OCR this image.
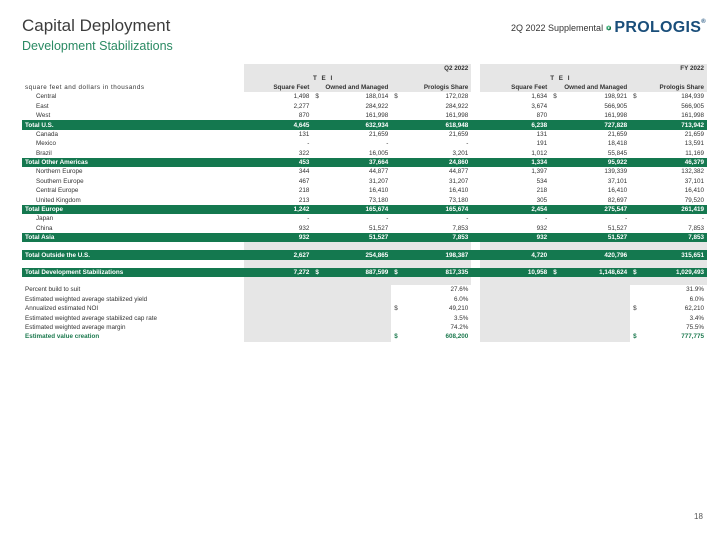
Capital Deployment
Development Stabilizations
2Q 2022 Supplemental PROLOGIS®
	Q2 2022						FY 2022				
	T E I						T E I				
square feet and dollars in thousands	Square Feet	Owned and Managed		Prologis Share			Square Feet	Owned and Managed		Prologis Share	
Central	1,498	$	188,014	$	172,028		1,634	$	198,921	$	184,939
East	2,277		284,922		284,922		3,674		566,905		566,905
West	870		161,998		161,998		870		161,998		161,998
Total U.S.	4,645		632,934		618,948		6,238		727,828		713,942
Canada	131		21,659		21,659		131		21,659		21,659
Mexico	-		-		-		191		18,418		13,591
Brazil	322		16,005		3,201		1,012		55,845		11,169
Total Other Americas	453		37,664		24,860		1,334		95,922		46,379
Northern Europe	344		44,877		44,877		1,397		139,339		132,382
Southern Europe	467		31,207		31,207		534		37,101		37,101
Central Europe	218		16,410		16,410		218		16,410		16,410
United Kingdom	213		73,180		73,180		305		82,697		79,520
Total Europe	1,242		165,674		165,674		2,454		275,547		261,419
Japan	-		-		-		-		-		-
China	932		51,527		7,853		932		51,527		7,853
Total Asia	932		51,527		7,853		932		51,527		7,853

Total Outside the U.S.	2,627		254,865		198,387		4,720		420,796		315,651

Total Development Stabilizations	7,272	$	887,599	$	817,335		10,958	$	1,148,624	$	1,029,493

Percent build to suit					27.6%						31.9%
Estimated weighted average stabilized yield					6.0%						6.0%
Annualized estimated NOI				$	49,210					$	62,210
Estimated weighted average stabilized cap rate					3.5%						3.4%
Estimated weighted average margin					74.2%						75.5%
Estimated value creation				$	608,200					$	777,775
18
